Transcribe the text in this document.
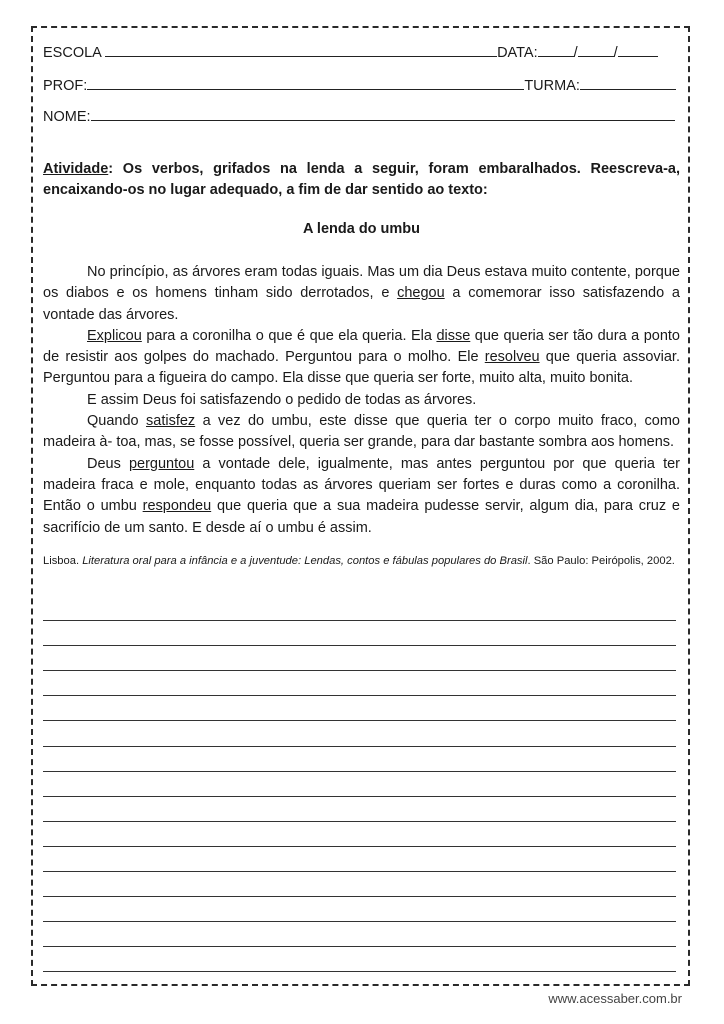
ESCOLA	DATA: / /
PROF:	TURMA:
NOME:
Atividade: Os verbos, grifados na lenda a seguir, foram embaralhados. Reescreva-a, encaixando-os no lugar adequado, a fim de dar sentido ao texto:
A lenda do umbu

No princípio, as árvores eram todas iguais. Mas um dia Deus estava muito contente, porque os diabos e os homens tinham sido derrotados, e chegou a comemorar isso satisfazendo a vontade das árvores.

Explicou para a coronilha o que é que ela queria. Ela disse que queria ser tão dura a ponto de resistir aos golpes do machado. Perguntou para o molho. Ele resolveu que queria assoviar. Perguntou para a figueira do campo. Ela disse que queria ser forte, muito alta, muito bonita.

E assim Deus foi satisfazendo o pedido de todas as árvores.

Quando satisfez a vez do umbu, este disse que queria ter o corpo muito fraco, como madeira à- toa, mas, se fosse possível, queria ser grande, para dar bastante sombra aos homens.

Deus perguntou a vontade dele, igualmente, mas antes perguntou por que queria ter madeira fraca e mole, enquanto todas as árvores queriam ser fortes e duras como a coronilha. Então o umbu respondeu que queria que a sua madeira pudesse servir, algum dia, para cruz e sacrifício de um santo. E desde aí o umbu é assim.

Lisboa. Literatura oral para a infância e a juventude: Lendas, contos e fábulas populares do Brasil. São Paulo: Peirópolis, 2002.
www.acessaber.com.br
